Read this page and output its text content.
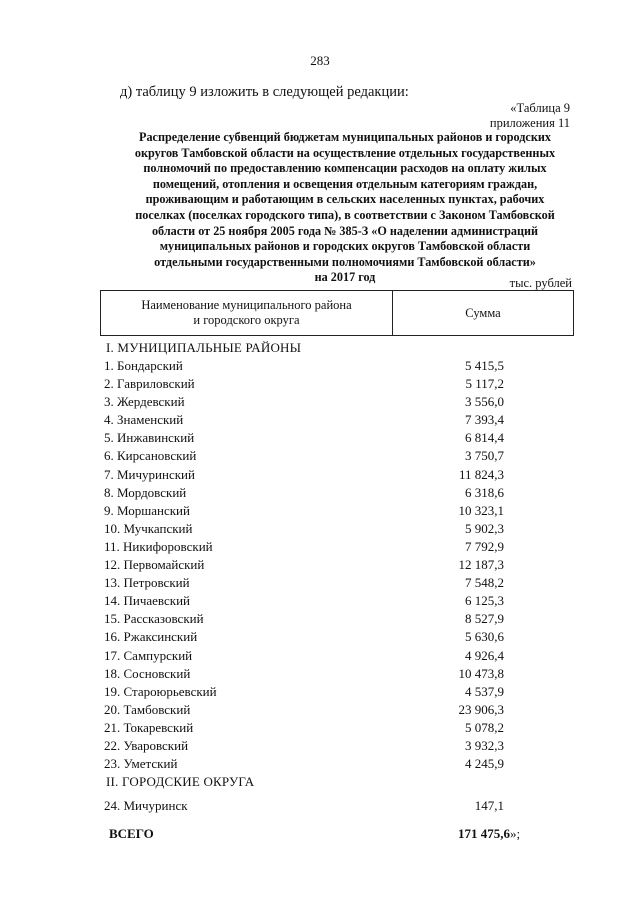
283
д) таблицу 9 изложить в следующей редакции:
«Таблица 9
приложения 11
Распределение субвенций бюджетам муниципальных районов и городских
округов Тамбовской области на осуществление отдельных государственных
полномочий по предоставлению компенсации расходов на оплату жилых
помещений, отопления и освещения отдельным категориям граждан,
проживающим и работающим в сельских населенных пунктах, рабочих
поселках (поселках городского типа), в соответствии с Законом Тамбовской
области от 25 ноября 2005 года № 385-З «О наделении администраций
муниципальных районов и городских округов Тамбовской области
отдельными государственными полномочиями Тамбовской области»
на 2017 год	тыс. рублей
Наименование муниципального района
и городского округа
Сумма
I. МУНИЦИПАЛЬНЫЕ РАЙОНЫ
1. Бондарский	5 415,5
2. Гавриловский	5 117,2
3. Жердевский	3 556,0
4. Знаменский	7 393,4
5. Инжавинский	6 814,4
6. Кирсановский	3 750,7
7. Мичуринский	11 824,3
8. Мордовский	6 318,6
9. Моршанский	10 323,1
10. Мучкапский	5 902,3
11. Никифоровский	7 792,9
12. Первомайский	12 187,3
13. Петровский	7 548,2
14. Пичаевский	6 125,3
15. Рассказовский	8 527,9
16. Ржаксинский	5 630,6
17. Сампурский	4 926,4
18. Сосновский	10 473,8
19. Староюрьевский	4 537,9
20. Тамбовский	23 906,3
21. Токаревский	5 078,2
22. Уваровский	3 932,3
23. Уметский	4 245,9
II. ГОРОДСКИЕ ОКРУГА
24. Мичуринск	147,1
ВСЕГО	171 475,6 »;
